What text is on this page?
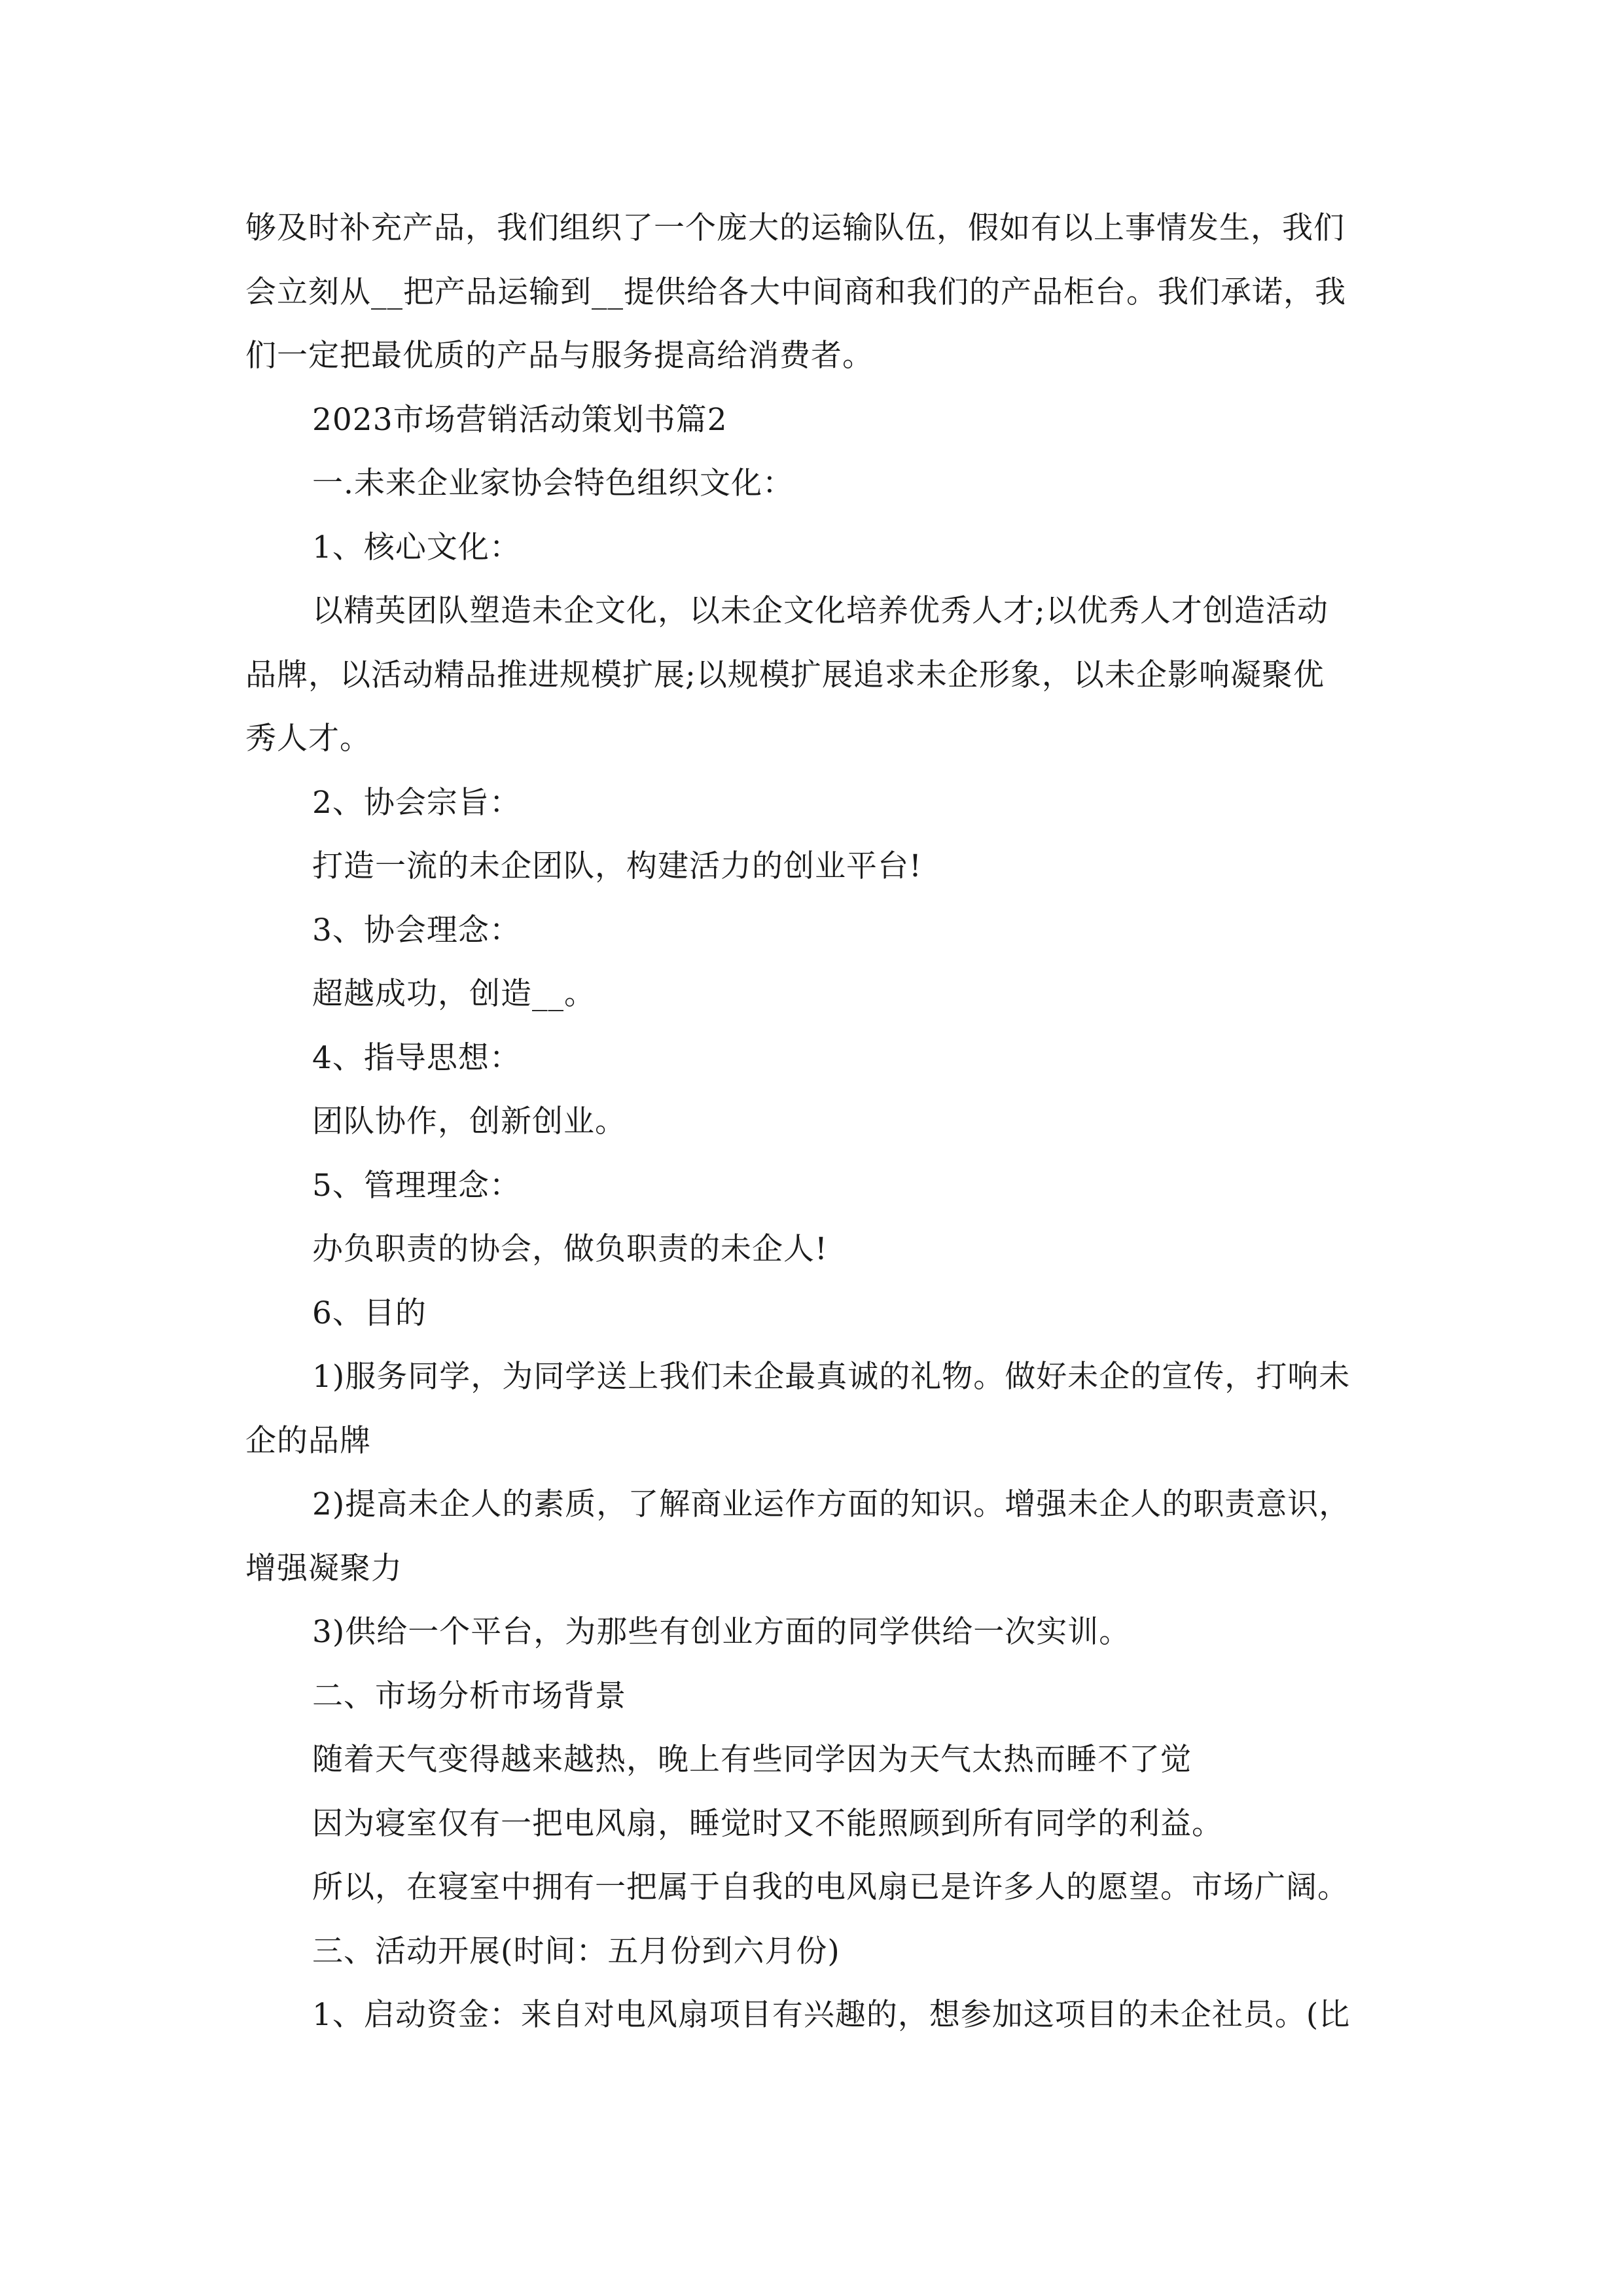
够及时补充产品，我们组织了一个庞大的运输队伍，假如有以上事情发生，我们
会立刻从__把产品运输到__提供给各大中间商和我们的产品柜台。我们承诺，我
们一定把最优质的产品与服务提高给消费者。
2023市场营销活动策划书篇2
一.未来企业家协会特色组织文化：
1、核心文化：
以精英团队塑造未企文化，以未企文化培养优秀人才;以优秀人才创造活动
品牌，以活动精品推进规模扩展;以规模扩展追求未企形象，以未企影响凝聚优
秀人才。
2、协会宗旨：
打造一流的未企团队，构建活力的创业平台!
3、协会理念：
超越成功，创造__。
4、指导思想：
团队协作，创新创业。
5、管理理念：
办负职责的协会，做负职责的未企人!
6、目的
1)服务同学，为同学送上我们未企最真诚的礼物。做好未企的宣传，打响未
企的品牌
2)提高未企人的素质，了解商业运作方面的知识。增强未企人的职责意识，
增强凝聚力
3)供给一个平台，为那些有创业方面的同学供给一次实训。
二、市场分析市场背景
随着天气变得越来越热，晚上有些同学因为天气太热而睡不了觉
因为寝室仅有一把电风扇，睡觉时又不能照顾到所有同学的利益。
所以，在寝室中拥有一把属于自我的电风扇已是许多人的愿望。市场广阔。
三、活动开展(时间：五月份到六月份)
1、启动资金：来自对电风扇项目有兴趣的，想参加这项目的未企社员。(比
